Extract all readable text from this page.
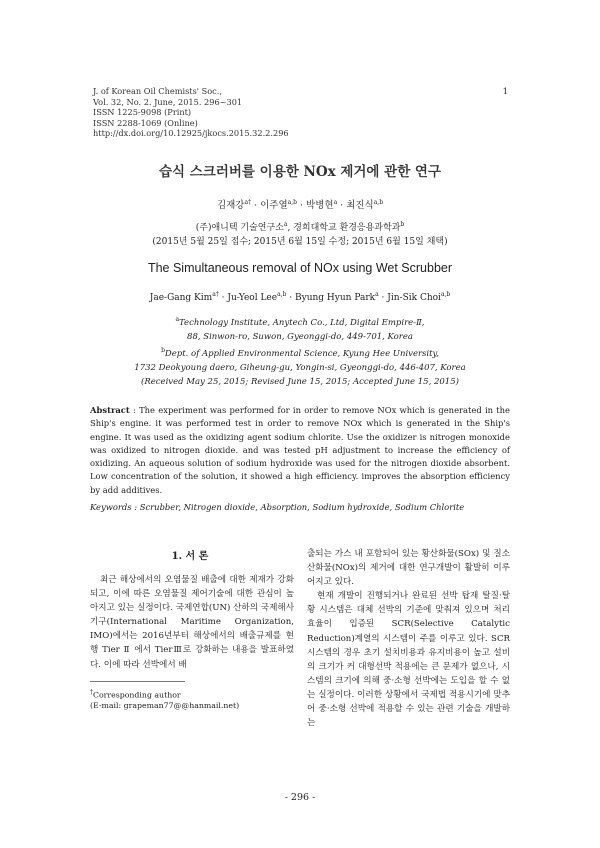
J. of Korean Oil Chemists' Soc.,
Vol. 32, No. 2. June, 2015. 296~301
ISSN 1225-9098 (Print)
ISSN 2288-1069 (Online)
http://dx.doi.org/10.12925/jkocs.2015.32.2.296
1
습식 스크러버를 이용한 NOx 제거에 관한 연구
김재강$^{a\dagger}$ · 이주열$^{a,b}$ · 박병현$^a$ · 최진식$^{a,b}$
(주)애니텍 기술연구소$^a$, 경희대학교 환경응용과학과$^b$
(2015년 5월 25일 접수; 2015년 6월 15일 수정; 2015년 6월 15일 채택)
The Simultaneous removal of NOx using Wet Scrubber
Jae-Gang Kim$^{a\dagger}$ · Ju-Yeol Lee$^{a,b}$ · Byung Hyun Park$^a$ · Jin-Sik Choi$^{a,b}$
$^a$Technology Institute, Anytech Co., Ltd, Digital Empire-Ⅱ,
88, Sinwon-ro, Suwon, Gyeonggi-do, 449-701, Korea
$^b$Dept. of Applied Environmental Science, Kyung Hee University,
1732 Deokyoung daero, Giheung-gu, Yongin-si, Gyeonggi-do, 446-407, Korea
(Received May 25, 2015; Revised June 15, 2015; Accepted June 15, 2015)
Abstract : The experiment was performed for in order to remove NOx which is generated in the Ship's engine. it was performed test in order to remove NOx which is generated in the Ship's engine. It was used as the oxidizing agent sodium chlorite. Use the oxidizer is nitrogen monoxide was oxidized to nitrogen dioxide. and was tested pH adjustment to increase the efficiency of oxidizing. An aqueous solution of sodium hydroxide was used for the nitrogen dioxide absorbent. Low concentration of the solution, it showed a high efficiency. improves the absorption efficiency by add additives.
Keywords : Scrubber, Nitrogen dioxide, Absorption, Sodium hydroxide, Sodium Chlorite
1. 서 론

최근 해상에서의 오염물질 배출에 대한 제재가 강화되고, 이에 따른 오염물질 제어기술에 대한 관심이 높아지고 있는 실정이다. 국제연합(UN) 산하의 국제해사기구(International Maritime Organization, IMO)에서는 2016년부터 해상에서의 배출규제를 현행 Tier Ⅱ 에서 TierⅢ로 강화하는 내용을 발표하였다. 이에 따라 선박에서 배

출되는 가스 내 포함되어 있는 황산화물(SOx) 및 질소산화물(NOx)의 제거에 대한 연구개발이 활발히 이루어지고 있다.

현재 개발이 진행되거나 완료된 선박 탑재 탈질·탈황 시스템은 대체 선박의 기준에 맞춰져 있으며 처리 효율이 입증된 SCR(Selective Catalytic Reduction)계열의 시스템이 주를 이루고 있다. SCR 시스템의 경우 초기 설치비용과 유지비용이 높고 설비의 크기가 커 대형선박 적용에는 큰 문제가 없으나, 시스템의 크기에 의해 중·소형 선박에는 도입을 할 수 없는 실정이다. 이러한 상황에서 국제법 적용시기에 맞추어 중·소형 선박에 적용할 수 있는 관련 기술을 개발하는

†Corresponding author
(E-mail: grapeman77@@hanmail.net)
- 296 -
